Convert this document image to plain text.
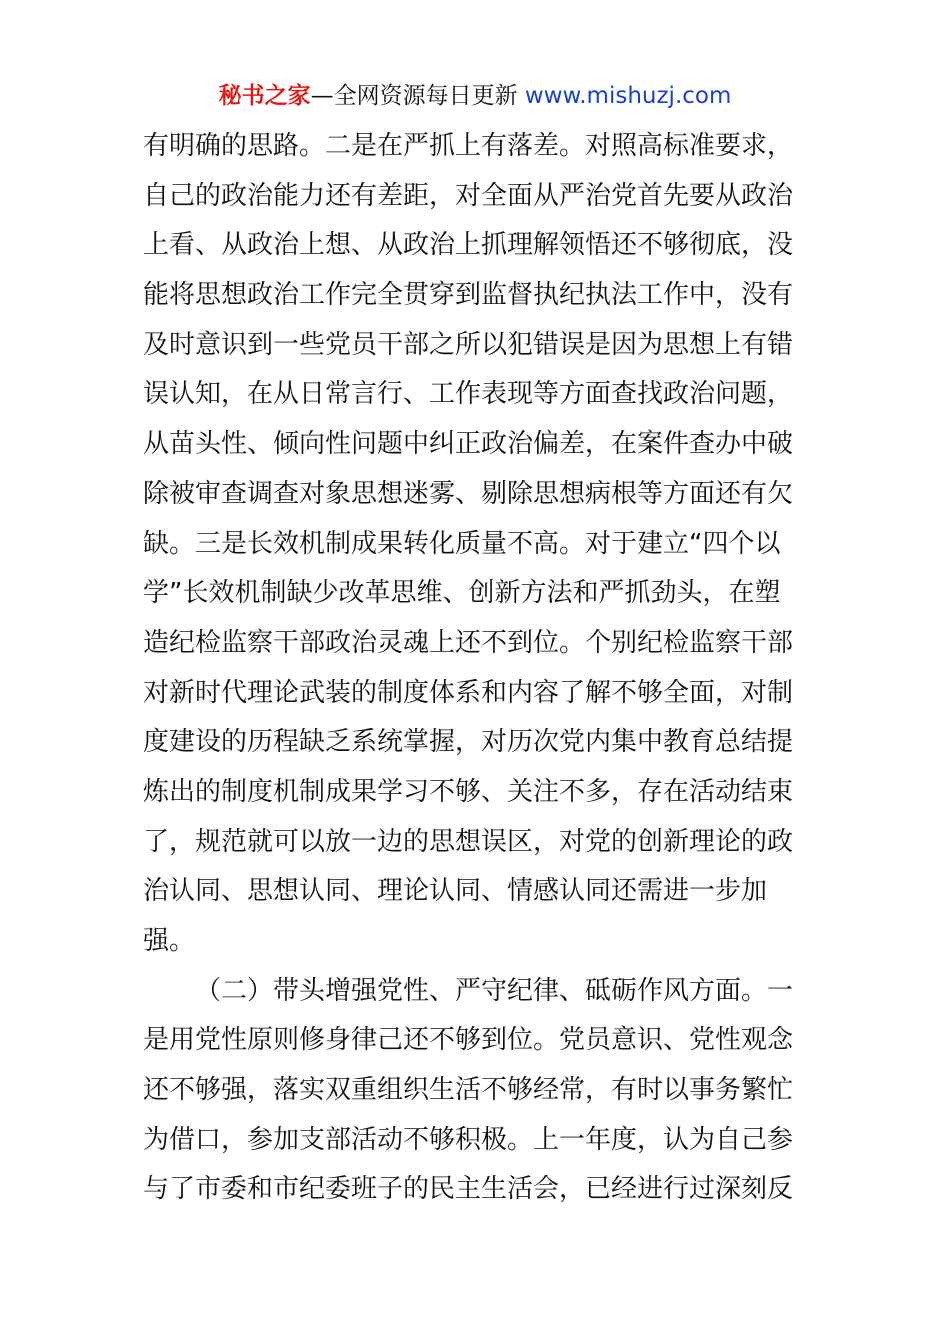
秘书之家—全网资源每日更新 www.mishuzj.com
有明确的思路。二是在严抓上有落差。对照高标准要求，
自己的政治能力还有差距，对全面从严治党首先要从政治
上看、从政治上想、从政治上抓理解领悟还不够彻底，没
能将思想政治工作完全贯穿到监督执纪执法工作中，没有
及时意识到一些党员干部之所以犯错误是因为思想上有错
误认知，在从日常言行、工作表现等方面查找政治问题，
从苗头性、倾向性问题中纠正政治偏差，在案件查办中破
除被审查调查对象思想迷雾、剔除思想病根等方面还有欠
缺。三是长效机制成果转化质量不高。对于建立“四个以
学”长效机制缺少改革思维、创新方法和严抓劲头，在塑
造纪检监察干部政治灵魂上还不到位。个别纪检监察干部
对新时代理论武装的制度体系和内容了解不够全面，对制
度建设的历程缺乏系统掌握，对历次党内集中教育总结提
炼出的制度机制成果学习不够、关注不多，存在活动结束
了，规范就可以放一边的思想误区，对党的创新理论的政
治认同、思想认同、理论认同、情感认同还需进一步加
强。
（二）带头增强党性、严守纪律、砥砺作风方面。一
是用党性原则修身律己还不够到位。党员意识、党性观念
还不够强，落实双重组织生活不够经常，有时以事务繁忙
为借口，参加支部活动不够积极。上一年度，认为自己参
与了市委和市纪委班子的民主生活会，已经进行过深刻反
